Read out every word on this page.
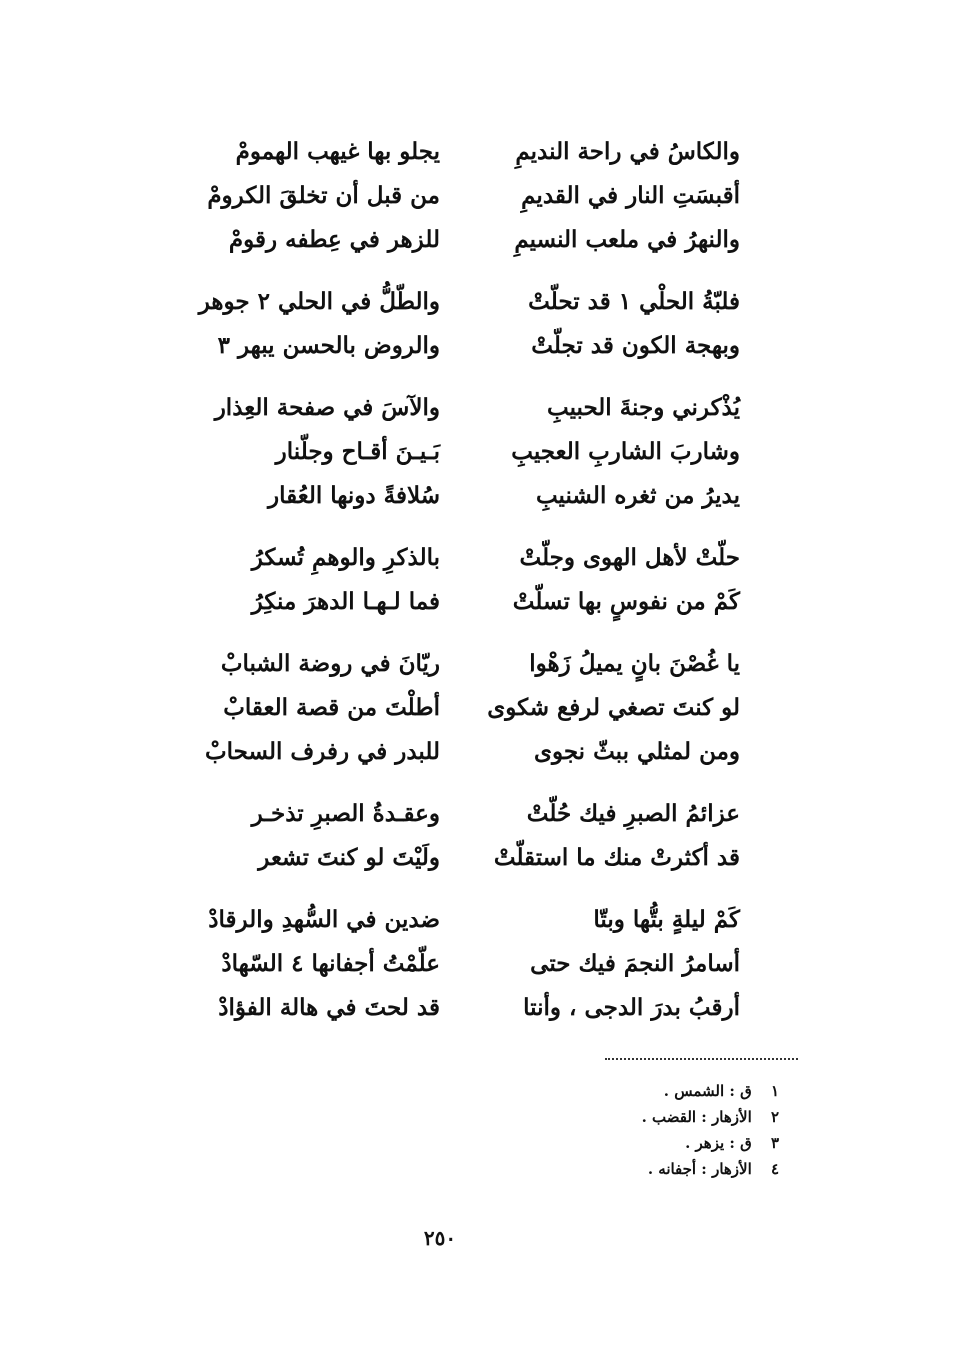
والكاسُ في راحة النديمِ
يجلو بها غيهب الهمومْ
أقبسَتِ النار في القديمِ
من قبل أن تخلقَ الكرومْ
والنهرُ في ملعب النسيمِ
للزهر في عِطفه رقومْ
فلبّةُ الحلْي ١ قد تحلّتْ
والطّلُّ في الحلي ٢ جوهر
وبهجة الكون قد تجلّتْ
والروض بالحسن يبهر ٣
يُذْكرني وجنةَ الحبيبِ
والآسَ في صفحة العِذار
وشاربَ الشاربِ العجيبِ
بَـيـنَ أقـاح وجلّنار
يديرُ من ثغره الشنيبِ
سُلافةً دونها العُقار
حلّتْ لأهل الهوى وجلّتْ
بالذكرِ والوهمِ تُسكرُ
كَمْ من نفوسٍ بها تسلّتْ
فما لـهـا الدهرَ منكِرُ
يا غُصْنَ بانٍ يميلُ زَهْوا
ريّانَ في روضة الشبابْ
لو كنتَ تصغي لرفع شكوى
أطلْتَ من قصة العقابْ
ومن لمثلي ببثّ نجوى
للبدر في رفرف السحابْ
عزائمُ الصبرِ فيك حُلّتْ
وعقـدةُ الصبرِ تذخـر
قد أكثرتْ منك ما استقلّتْ
ولَيْتَ لو كنتَ تشعر
كَمْ ليلةٍ بتُّها وبتّا
ضدين في السُّهدِ والرقادْ
أسامرُ النجمَ فيك حتى
علّمْتُ أجفانها ٤ السّهادْ
أرقبُ بدرَ الدجى ، وأنتا
قد لحتَ في هالة الفؤادْ
١ ق : الشمس .
٢ الأزهار : القضب .
٣ ق : يزهر .
٤ الأزهار : أجفانه .
٢٥٠
